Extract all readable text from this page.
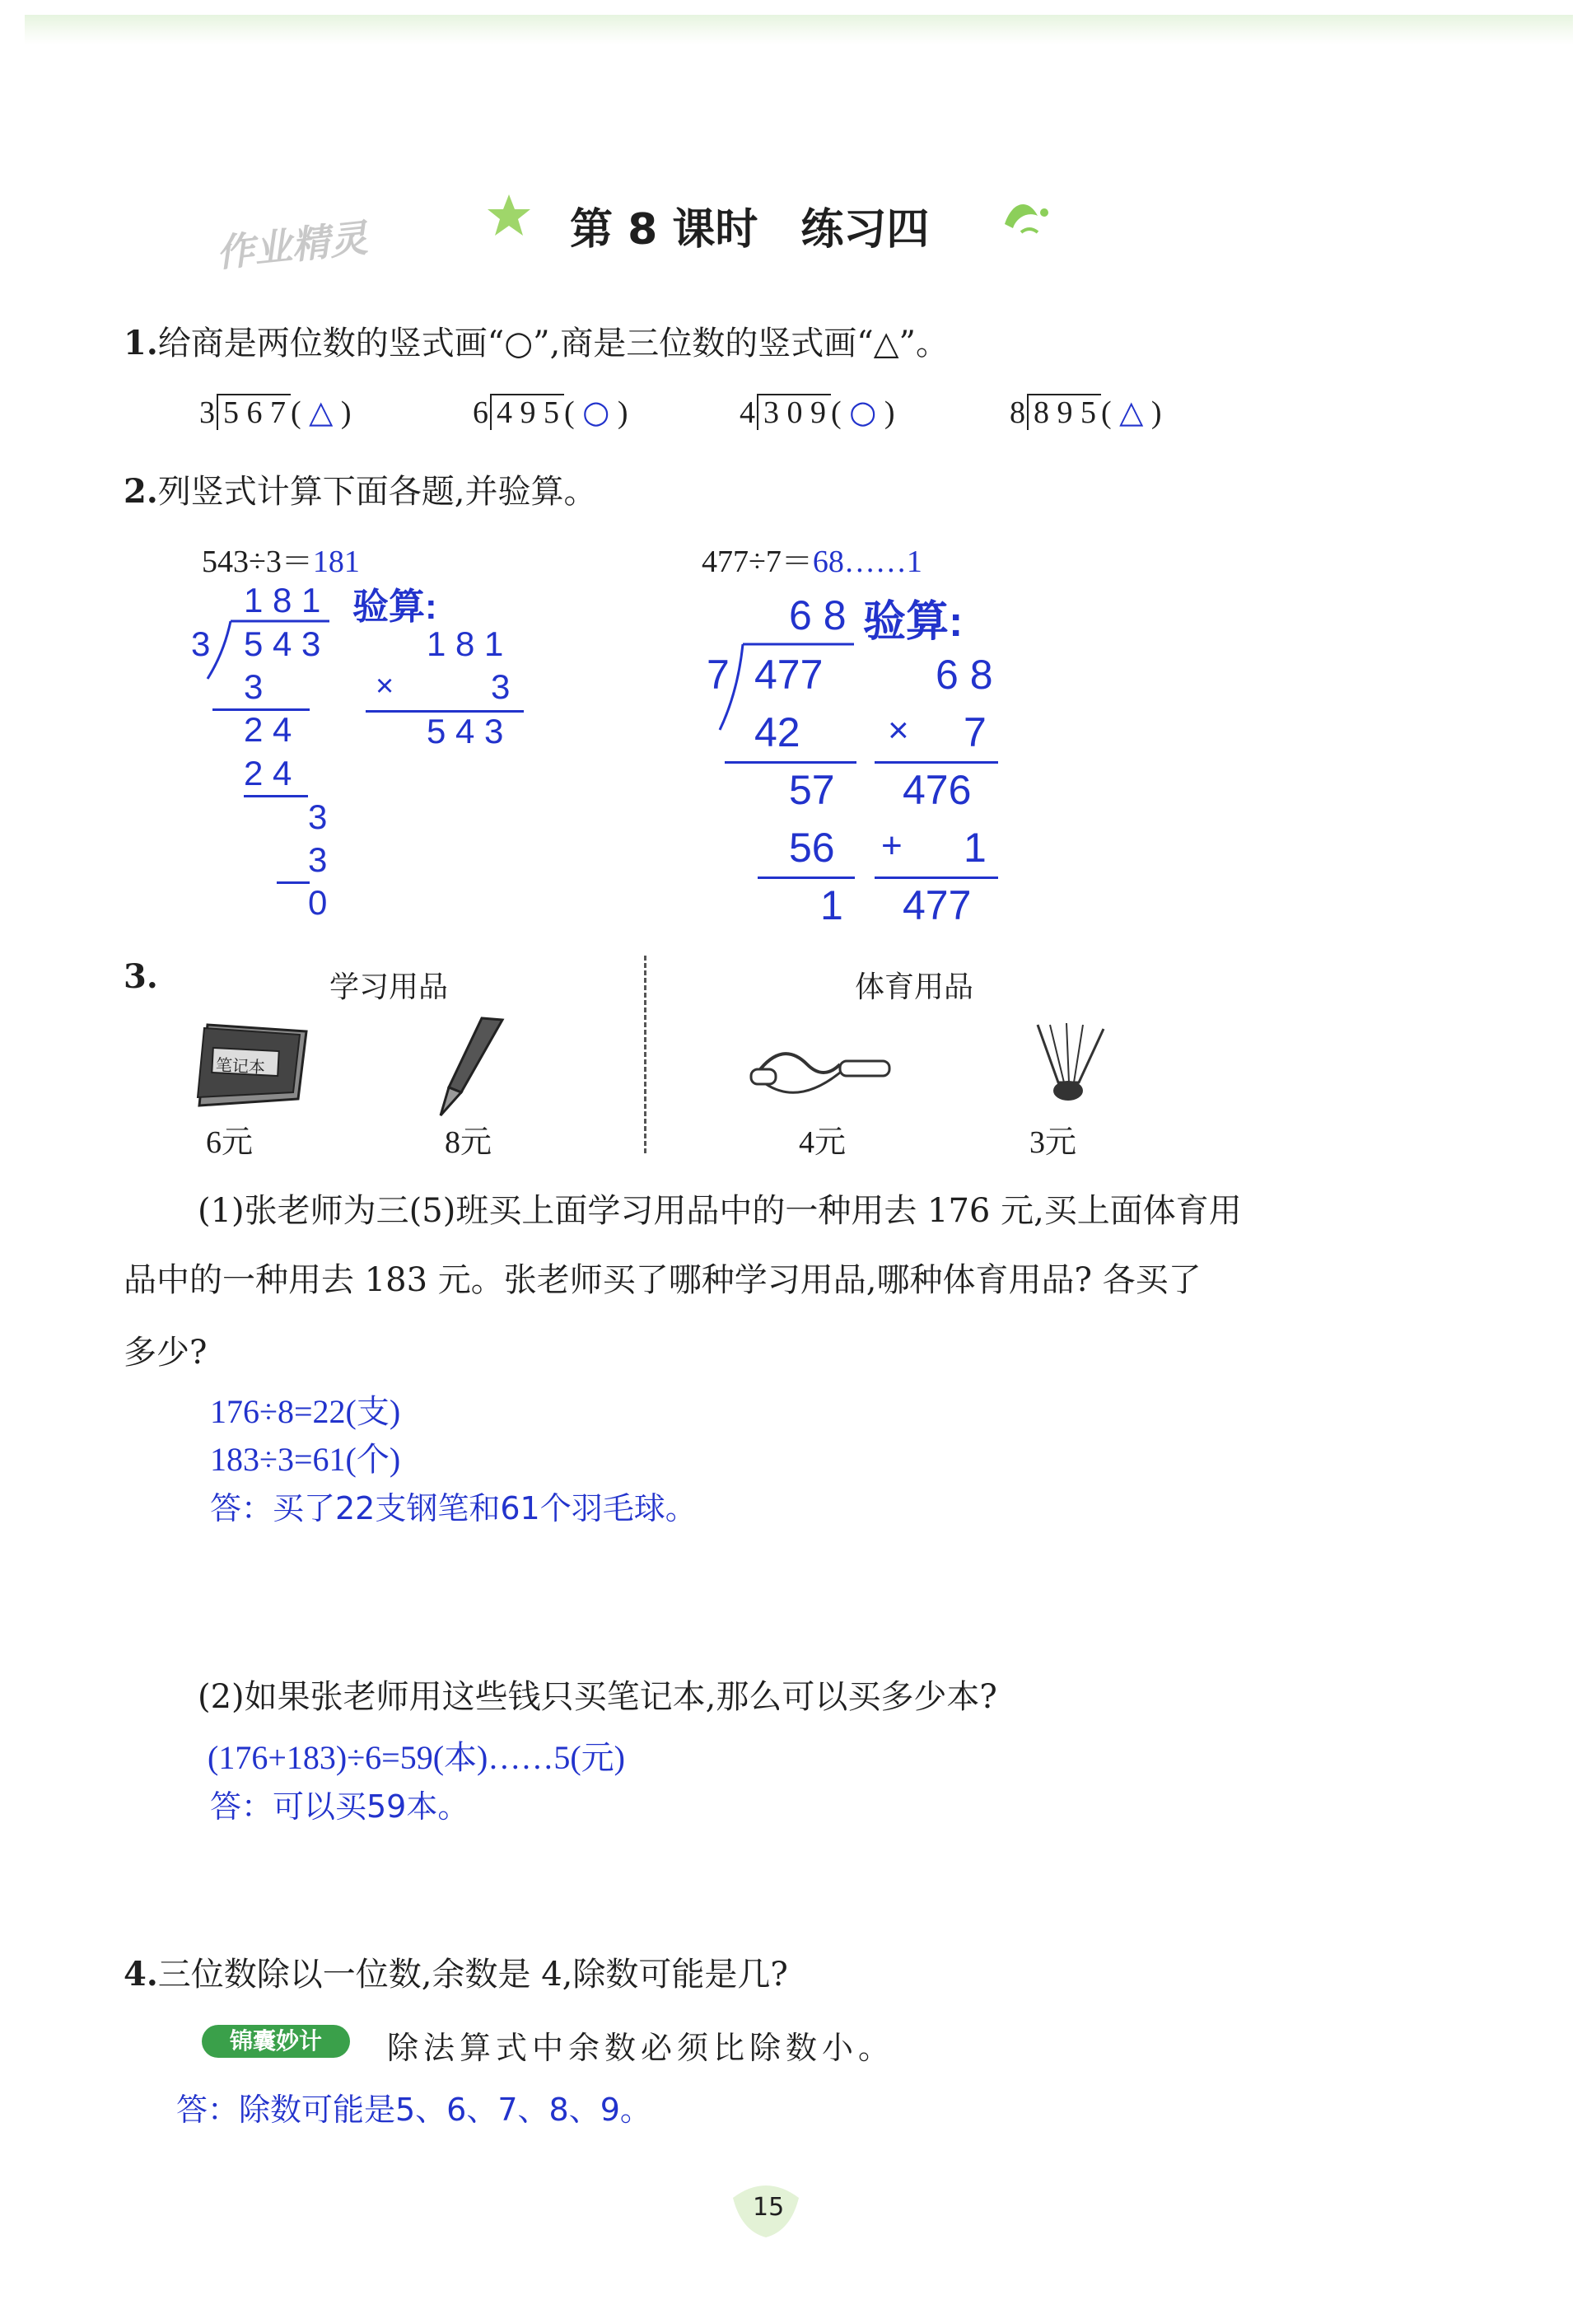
作业精灵	第 8 课时　练习四
1.给商是两位数的竖式画“○”,商是三位数的竖式画“△”。
3 5 6 7 ( △ )	6 4 9 5 ( ○ )	4 3 0 9 ( ○ )	8 8 9 5 ( △ )
2.列竖式计算下面各题,并验算。
543÷3＝181
1 8 1 验算:
3 5 4 3
3
2 4
2 4
3
3
0
1 8 1
×	3
5 4 3
477÷7＝68……1
6 8 验算:
7 477
42
57
56
1
6 8
× 7
476
+ 1
477
3.	学习用品	体育用品
笔记本
6元	8元	4元	3元
(1)张老师为三(5)班买上面学习用品中的一种用去 176 元,买上面体育用
品中的一种用去 183 元。张老师买了哪种学习用品,哪种体育用品? 各买了
多少?
176÷8=22(支)
183÷3=61(个)
答：买了22支钢笔和61个羽毛球。
(2)如果张老师用这些钱只买笔记本,那么可以买多少本?
(176+183)÷6=59(本)……5(元)
答：可以买59本。
4.三位数除以一位数,余数是 4,除数可能是几?
锦囊妙计	除法算式中余数必须比除数小。
答：除数可能是5、6、7、8、9。
15
